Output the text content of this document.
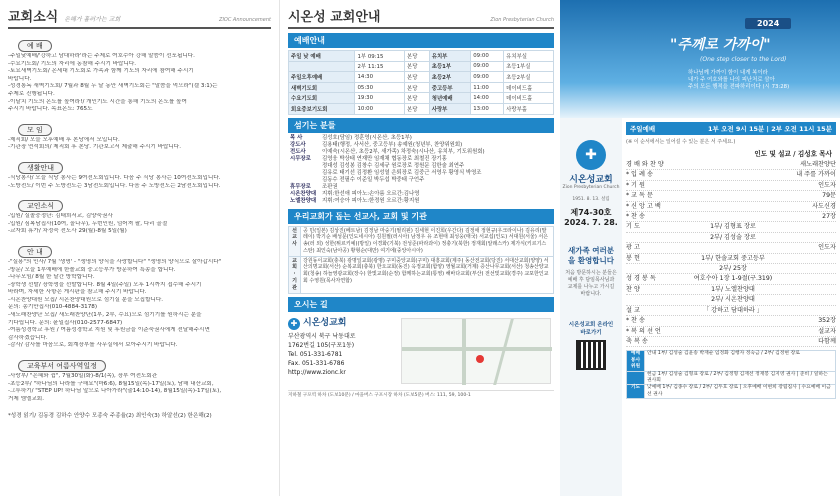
교회소식 은혜가 흘러가는 교회	ZIOC Announcement
예 배
-주일낮예배/'강하고 담대하라'라는 주제로 여호수아 강해 말씀이 선포됩니다.
-수요기도회/ 기도의 자리에 동참해 주시기 바랍니다.
-토요새벽기도회/ 온세대 기도회로 가족과 함께 기도의 자리에 참여해 주시기
바랍니다.
-성경통독 새벽기도회/ 7월과 8월 두 달 동안 새벽기도회는 "말씀을 먹으라"(겔 3:1)는
주제로 진행됩니다.
-이달치 기도의 온도를 높여라!/ 개인기도 시간을 통해 기도의 온도를 높여
주시기 바랍니다. 목표온도: 765도
모 임
-제직회/ 오늘 오후예배 후 본당에서 모입니다.
-기관장 연석회의/ 제직회 후 본당. 기관보고서 제출해 주시기 바랍니다.
생활안내
-식당봉사/ 오늘 식당 봉사는 9여전도회입니다. 다음 주 식당 봉사는 10여전도회입니다.
-노방전도/ 이번 주 노방전도는 3남전도회입니다. 다음 주 노방전도는 2남전도회입니다.
교인소식
-입원/ 실졸중정단: 김태희서교, 김양숙권사
-입원/ 심복남집사(10여, 꼴나무), 두번인원, 넘어져 팔, 다리 골절
-교자회 휴가/ 차정숙 전도사 29(월)-8월 5일(월)
안 내
-"실용"의 인사/ 7월 '생명' - "생명의 양식을 사랑합니다" "생명의 양식으로 살아갑시다"
-방문/ 오늘 1부예배에 한솔교회 중고등부가 방문하여 특송을 합니다.
-나무모임/ 8월 한 달간 방학합니다.
-장학생 선발/ 장학생을 선발합니다. 8월 4일(주일) 오후 1시까지 접수해 주시기
바라며, 자세한 사항은 게시판을 참고해 주시기 바랍니다.
-시온찬양대원 모집/ 시온찬양대원으로 섬기실 분을 모집합니다.
문의: 송기만집사(010-4884-3178)
-새노래찬양단 모집/ 새노래찬양단(1부, 2부, 수요)으로 섬기기를 원하시는 분을
기다립니다. 문의: 윤일집사(010-2577-6847)
-여름성경학교 후원 / 여름성경학교 지원 및 후원금을 이준숙권사에게 전달해주시면
감사하겠습니다.
-감사/ 감사를 마음으로, 회계장부를 사무실에서 보아주시기 바랍니다.
교육부서 여름사역일정
-사랑부/ "은혜와 쉼", 7월30일(화)-8/1(목), 장부 여전도회관
-초등2부/ "하나님의 나라를 구해요"(마6:6), 8월15일(목)-17일(토), 남해 내산교회,
-그루하기/ "STEP UP! 하나님 앞으로 나아가라"(출14:10-14), 8월15일(목)-17일(토),
거제 엠엘교회.
*성경 읽기/ 김동경 김하수 안양수 모종숙 주종율(2) 최인숙(3) 하알선(2) 한은해(2)
시온성 교회안내	Zion Presbyterian Church
예배안내
주일 낮 예배	1부 09:15	본당	유치부	09:00	유치부실
	2부 11:15	본당	초등1부	09:00	초등1부실
주일오후예배	14:30	본당	초등2부	09:00	초등2부실
새벽기도회	05:30	본당	중고등부	11:00	데이비드홀
수요기도회	19:30	본당	청년예배	14:00	데이비드홀
회요중보기도회	10:00	본당	사랑부	13:00	사랑부홀
섬기는 분들
목 사	김성호(담임) 정훈영(시온산, 초등1부)
강도사	김용태(행정, 사서산, 중고등부) 송예원(청년부, 찬양위원회)
전도사	이예숙(시온산, 초등2부, 새가족) 차정숙(시나산, 유치부, 기도위원회)
시무장로	김영웅 박상태 연재만 임재채 협동장로 최철진 장기홍
	정대성 김성봉 김창수 김세규 원로장로 정원문 김한술 최연주
	김유로 태기선 김정환 임성열 은퇴장로 김중근 서영우 황영식 박영조
	김동수 전필수 이준일 박두섭 박중태 구언주
휴무장로	조판권
시온찬양대	지휘:한선애 피아노:손아름 오르간:김나영
노엘찬양대	지휘:여승아 피아노:한정원 오르간:황지원
우리교회가 돕는 선교사, 교회 및 기관
선교사	공 민(일본) 김상진(베트남) 김정남 마숭기(필리핀) 김세현 이진희(우간다) 김정애 정현규(우크라이나) 김유리(말레이) 박기순 배성문(인도네시아) 김원필(러시아) 남정우 유 조현태 최성웅(태국) 서교섭(인도) 서대원(서울) 서은송(러 외) 성한(튀르키예)(방일) 이경화(기북) 전성준(파라과이) 정충기(북한) 정재회(알래스카) 제가식(키르기스스탄) 최인숙(남아공) 황형순(대만) 여기에(중앙아시아)
교회 · 기관	강원동이교회(충북) 광명일교회(광명) 구미중앙교회(구미) 대흥교회(제주) 동산전교회(당진) 서대산교회(양양) 서산의명교회(서산) 순복교회(충북) 한오교회(동진) 옥정교회(함양) 영월교회(거제) 증산나무교회(서산) 청송산양교회(청송) 하늘영광교회(장수) 한빛교회(순정) 함께하는교회(통영) 해바다교회(부산) 전선빛교회(경주) 교포한인교회 수영원(목사자연합)
오시는 길
✚ 시온성교회
부산광역시 북구 낙동대로
1762번길 105(구포1동)
Tel. 051-331-6781
Fax. 051-331-6786
http://www.zionc.kr
지하철 구포역 하차 (도보10분) / 마을버스 구포시장 하차 (도보5분) 버스: 111, 59, 100-1
2024
"주께로 가까이"
(One step closer to the Lord)
하나님께 가까이 함이 내게 복이라
내가 주 여호와를 나의 피난처로 삼아
주의 모든 행적을 전파하리이다 (시 73:28)
✚
시온성교회
Zion Presbyterian Church
1951. 8. 13. 설립
제74-30호
2024. 7. 28.
새가족 여러분을 환영합니다
처음 방문하시는 분들은 예배 후 담임목사님과 교제를 나누고 가시길 바랍니다.
시온성교회 온라인 바로가기
주일예배	1부 오전 9시 15분 | 2부 오전 11시 15분
(※ 이 순서에서는 일어설 수 있는 분은 서 주세요.)
인도 및 설교 / 김성호 목사
경 배 와 찬 양	새노래찬양단
* 입 례 송	내 주를 가까이
* 기 원	인도자
* 교 독 문	79문
* 신 앙 고 백	사도신경
* 찬 송	27장
기 도	1부/ 김형표 장로
2부/ 김성술 장로
광 고	인도자
봉 헌	1부/ 한솔교회 중고등부
2부/ 25장
성 경 봉 독	여호수아 1장 1-9절(구.319)
찬 양	1부/ 노엘찬양대
2부/ 시온찬양대
설 교	「 강하고 담대하라 」
* 찬 송	352장
* 복 의 선 언	설교자
축 복 송	다함께
예배봉사위원	안내 1부/ 김성술 김윤송 박재순 임정화 김행자 정숙금 / 2부/ 김정현 장로
	헌금 1부/ 김성술 김형표 장로 / 2부/ 김정형 김재선 정재봉 김지영 권사 | 준비 / 일하는 권사회
기도	낮예배 1부/ 김종수 장로 / 2부/ 김두호 장로 | 오후예배 이현희 장립집사 | 수요예배 이금선 권사
